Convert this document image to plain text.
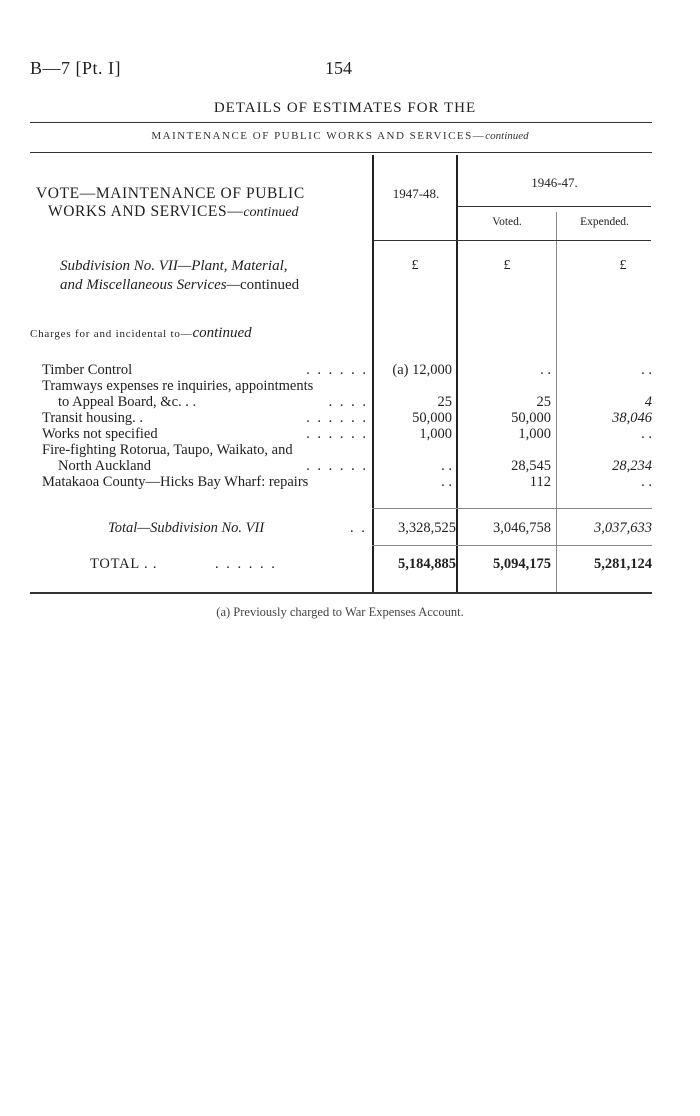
B—7 [Pt. I]	154
DETAILS OF ESTIMATES FOR THE
MAINTENANCE OF PUBLIC WORKS AND SERVICES—continued
1947-48.
1946-47.
Voted.	Expended.
VOTE—MAINTENANCE OF PUBLIC
WORKS AND SERVICES—continued
Subdivision No. VII—Plant, Material,
and Miscellaneous Services—continued
£	£	£
Charges for and incidental to—continued
Timber Control	. . . . . .	(a) 12,000	. .	. .
Tramways expenses re inquiries, appointments
to Appeal Board, &c. . .	. . . .	25	25	4
Transit housing. .	. . . . . .	50,000	50,000	38,046
Works not specified	. . . . . .	1,000	1,000	. .
Fire-fighting Rotorua, Taupo, Waikato, and
North Auckland	. . . . . .	. .	28,545	28,234
Matakaoa County—Hicks Bay Wharf: repairs	. .	112	. .
Total—Subdivision No. VII	. .	3,328,525	3,046,758	3,037,633
TOTAL . .	. . . . . .	5,184,885	5,094,175	5,281,124
(a) Previously charged to War Expenses Account.
